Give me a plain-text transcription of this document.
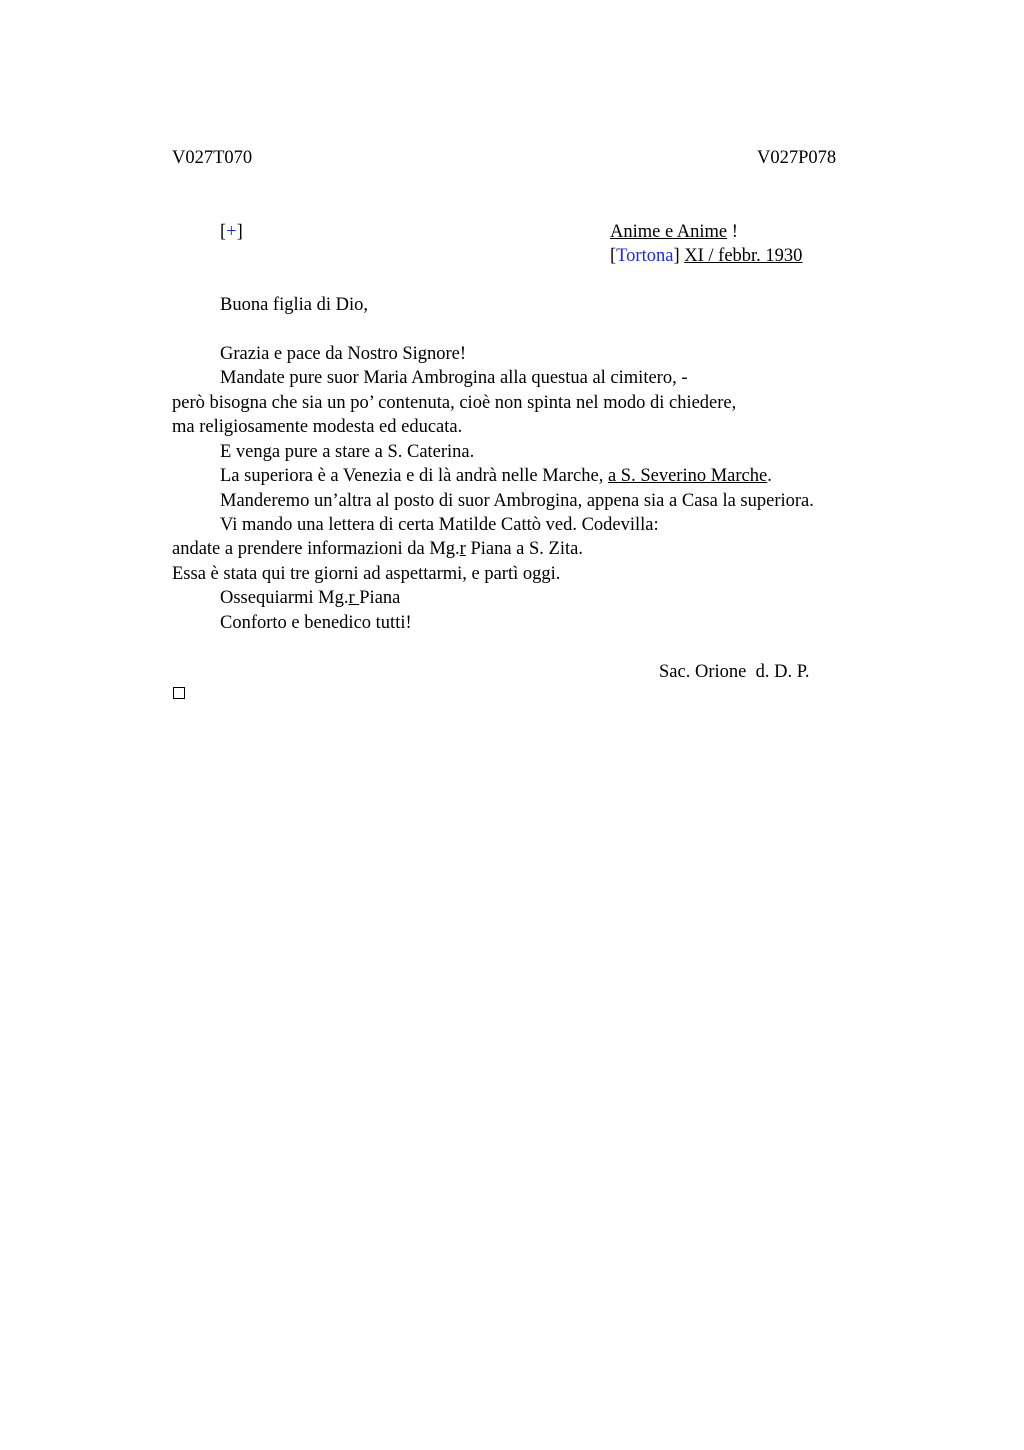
V027T070	V027P078
[+]	Anime e Anime !
[Tortona] XI / febbr. 1930
Buona figlia di Dio,
Grazia e pace da Nostro Signore!
Mandate pure suor Maria Ambrogina alla questua al cimitero, -
però bisogna che sia un po’ contenuta, cioè non spinta nel modo di chiedere,
ma religiosamente modesta ed educata.
E venga pure a stare a S. Caterina.
La superiora è a Venezia e di là andrà nelle Marche, a S. Severino Marche.
Manderemo un’altra al posto di suor Ambrogina, appena sia a Casa la superiora.
Vi mando una lettera di certa Matilde Cattò ved. Codevilla:
andate a prendere informazioni da Mg.r Piana a S. Zita.
Essa è stata qui tre giorni ad aspettarmi, e partì oggi.
Ossequiarmi Mg.r Piana
Conforto e benedico tutti!
Sac. Orione  d. D. P.
